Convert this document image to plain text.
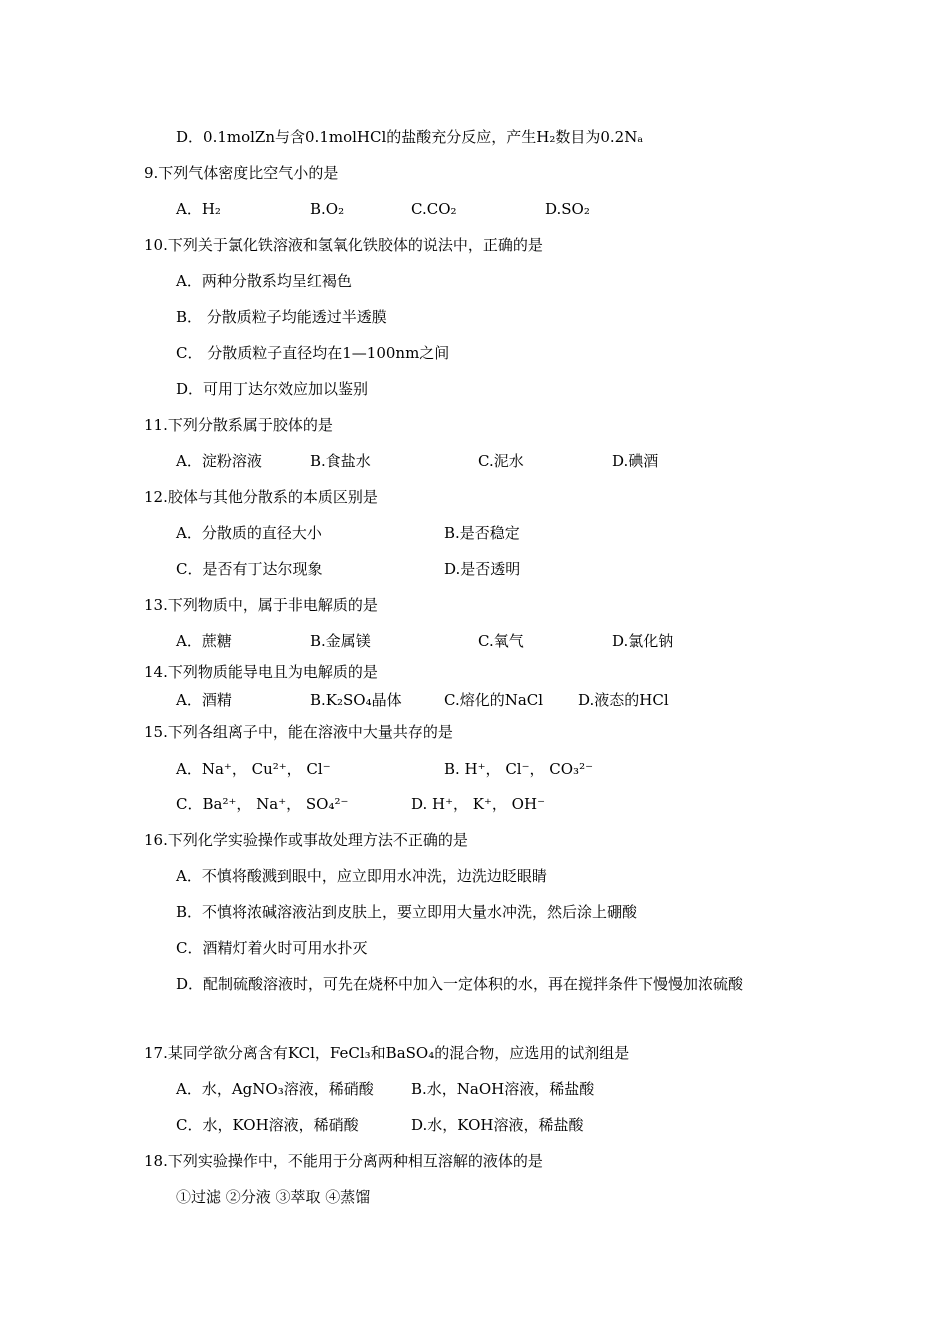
D．0.1molZn与含0.1molHCl的盐酸充分反应，产生H₂数目为0.2Nₐ
9.下列气体密度比空气小的是
A．H₂	B.O₂	C.CO₂	D.SO₂
10.下列关于氯化铁溶液和氢氧化铁胶体的说法中，正确的是
A．两种分散系均呈红褐色
B． 分散质粒子均能透过半透膜
C． 分散质粒子直径均在1—100nm之间
D．可用丁达尔效应加以鉴别
11.下列分散系属于胶体的是
A．淀粉溶液	B.食盐水	C.泥水	D.碘酒
12.胶体与其他分散系的本质区别是
A．分散质的直径大小	B.是否稳定
C．是否有丁达尔现象	D.是否透明
13.下列物质中，属于非电解质的是
A．蔗糖	B.金属镁	C.氧气	D.氯化钠
14.下列物质能导电且为电解质的是
A．酒精	B.K₂SO₄晶体	C.熔化的NaCl D.液态的HCl
15.下列各组离子中，能在溶液中大量共存的是
A．Na⁺， Cu²⁺， Cl⁻	B. H⁺， Cl⁻， CO₃²⁻
C．Ba²⁺， Na⁺， SO₄²⁻	D. H⁺， K⁺， OH⁻
16.下列化学实验操作或事故处理方法不正确的是
A．不慎将酸溅到眼中，应立即用水冲洗，边洗边眨眼睛
B．不慎将浓碱溶液沾到皮肤上，要立即用大量水冲洗，然后涂上硼酸
C．酒精灯着火时可用水扑灭
D．配制硫酸溶液时，可先在烧杯中加入一定体积的水，再在搅拌条件下慢慢加浓硫酸
17.某同学欲分离含有KCl，FeCl₃和BaSO₄的混合物，应选用的试剂组是
A．水，AgNO₃溶液，稀硝酸 B.水，NaOH溶液，稀盐酸
C．水，KOH溶液，稀硝酸	D.水，KOH溶液，稀盐酸
18.下列实验操作中，不能用于分离两种相互溶解的液体的是
①过滤 ②分液 ③萃取 ④蒸馏
